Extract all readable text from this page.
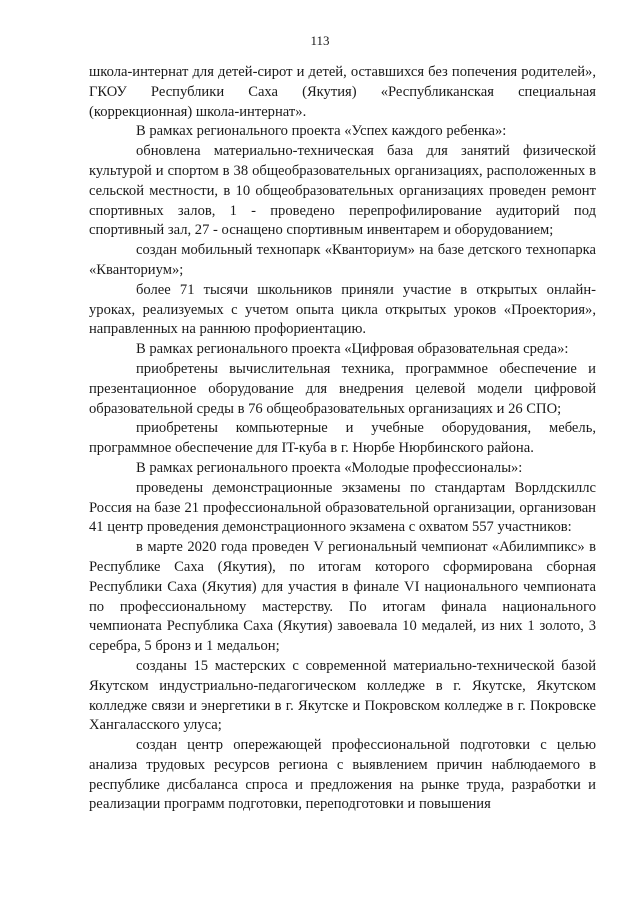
113

школа-интернат для детей-сирот и детей, оставшихся без попечения родителей», ГКОУ Республики Саха (Якутия) «Республиканская специальная (коррекционная) школа-интернат».

В рамках регионального проекта «Успех каждого ребенка»:

обновлена материально-техническая база для занятий физической культурой и спортом в 38 общеобразовательных организациях, расположенных в сельской местности, в 10 общеобразовательных организациях проведен ремонт спортивных залов, 1 - проведено перепрофилирование аудиторий под спортивный зал, 27 - оснащено спортивным инвентарем и оборудованием;

создан мобильный технопарк «Кванториум» на базе детского технопарка «Кванториум»;

более 71 тысячи школьников приняли участие в открытых онлайн-уроках, реализуемых с учетом опыта цикла открытых уроков «Проектория», направленных на раннюю профориентацию.

В рамках регионального проекта «Цифровая образовательная среда»:

приобретены вычислительная техника, программное обеспечение и презентационное оборудование для внедрения целевой модели цифровой образовательной среды в 76 общеобразовательных организациях и 26 СПО;

приобретены компьютерные и учебные оборудования, мебель, программное обеспечение для IT-куба в г. Нюрбе Нюрбинского района.

В рамках регионального проекта «Молодые профессионалы»:

проведены демонстрационные экзамены по стандартам Ворлдскиллс Россия на базе 21 профессиональной образовательной организации, организован 41 центр проведения демонстрационного экзамена с охватом 557 участников:

в марте 2020 года проведен V региональный чемпионат «Абилимпикс» в Республике Саха (Якутия), по итогам которого сформирована сборная Республики Саха (Якутия) для участия в финале VI национального чемпионата по профессиональному мастерству. По итогам финала национального чемпионата Республика Саха (Якутия) завоевала 10 медалей, из них 1 золото, 3 серебра, 5 бронз и 1 медальон;

созданы 15 мастерских с современной материально-технической базой Якутском индустриально-педагогическом колледже в г. Якутске, Якутском колледже связи и энергетики в г. Якутске и Покровском колледже в г. Покровске Хангаласского улуса;

создан центр опережающей профессиональной подготовки с целью анализа трудовых ресурсов региона с выявлением причин наблюдаемого в республике дисбаланса спроса и предложения на рынке труда, разработки и реализации программ подготовки, переподготовки и повышения
